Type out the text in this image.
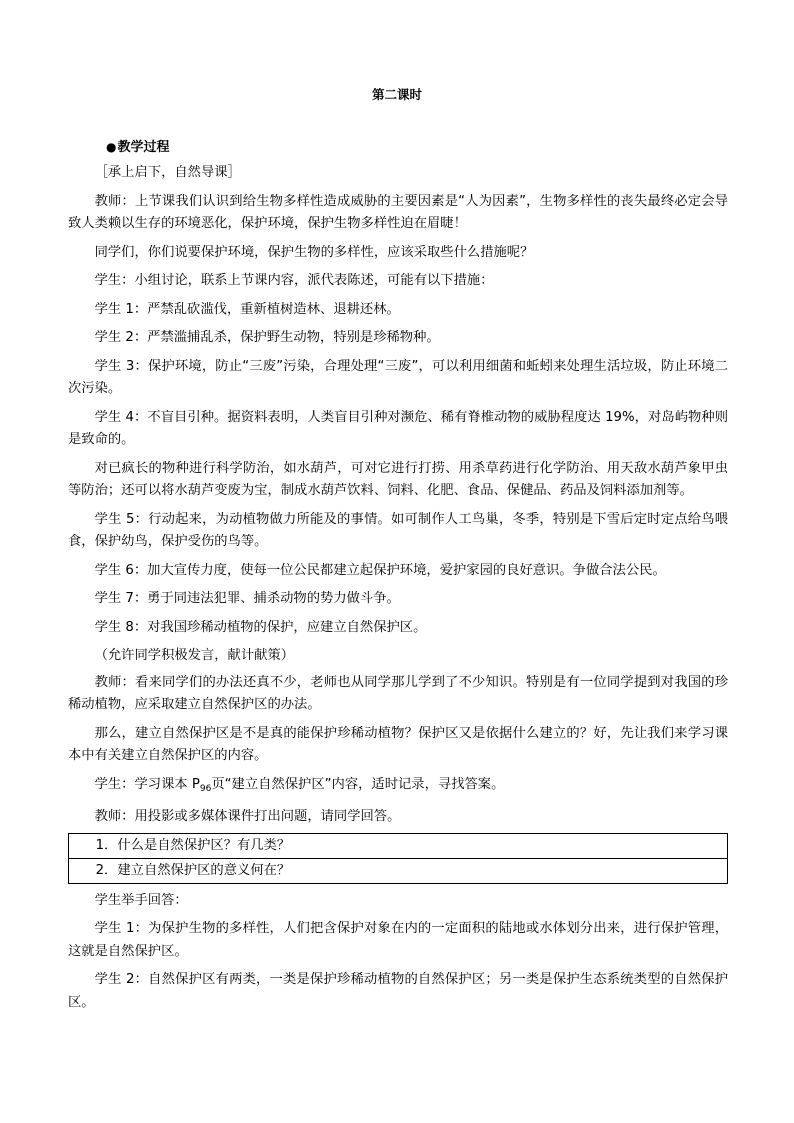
第二课时
●教学过程

［承上启下，自然导课］

教师：上节课我们认识到给生物多样性造成威胁的主要因素是“人为因素”，生物多样性的丧失最终必定会导致人类赖以生存的环境恶化，保护环境，保护生物多样性迫在眉睫！

同学们，你们说要保护环境，保护生物的多样性，应该采取些什么措施呢？

学生：小组讨论，联系上节课内容，派代表陈述，可能有以下措施：

学生 1：严禁乱砍滥伐，重新植树造林、退耕还林。

学生 2：严禁滥捕乱杀，保护野生动物，特别是珍稀物种。

学生 3：保护环境，防止“三废”污染，合理处理“三废”，可以利用细菌和蚯蚓来处理生活垃圾，防止环境二次污染。

学生 4：不盲目引种。据资料表明，人类盲目引种对濒危、稀有脊椎动物的威胁程度达 19%，对岛屿物种则是致命的。

对已疯长的物种进行科学防治，如水葫芦，可对它进行打捞、用杀草药进行化学防治、用天敌水葫芦象甲虫等防治；还可以将水葫芦变废为宝，制成水葫芦饮料、饲料、化肥、食品、保健品、药品及饲料添加剂等。

学生 5：行动起来，为动植物做力所能及的事情。如可制作人工鸟巢，冬季，特别是下雪后定时定点给鸟喂食，保护幼鸟，保护受伤的鸟等。

学生 6：加大宣传力度，使每一位公民都建立起保护环境，爱护家园的良好意识。争做合法公民。

学生 7：勇于同违法犯罪、捕杀动物的势力做斗争。

学生 8：对我国珍稀动植物的保护，应建立自然保护区。

（允许同学积极发言，献计献策）

教师：看来同学们的办法还真不少，老师也从同学那儿学到了不少知识。特别是有一位同学提到对我国的珍稀动植物，应采取建立自然保护区的办法。

那么，建立自然保护区是不是真的能保护珍稀动植物？保护区又是依据什么建立的？好，先让我们来学习课本中有关建立自然保护区的内容。

学生：学习课本 $P_{96}$页“建立自然保护区”内容，适时记录，寻找答案。

教师：用投影或多媒体课件打出问题，请同学回答。

1．什么是自然保护区？有几类？
2．建立自然保护区的意义何在？

学生举手回答：

学生 1：为保护生物的多样性，人们把含保护对象在内的一定面积的陆地或水体划分出来，进行保护管理，这就是自然保护区。

学生 2：自然保护区有两类，一类是保护珍稀动植物的自然保护区；另一类是保护生态系统类型的自然保护区。
